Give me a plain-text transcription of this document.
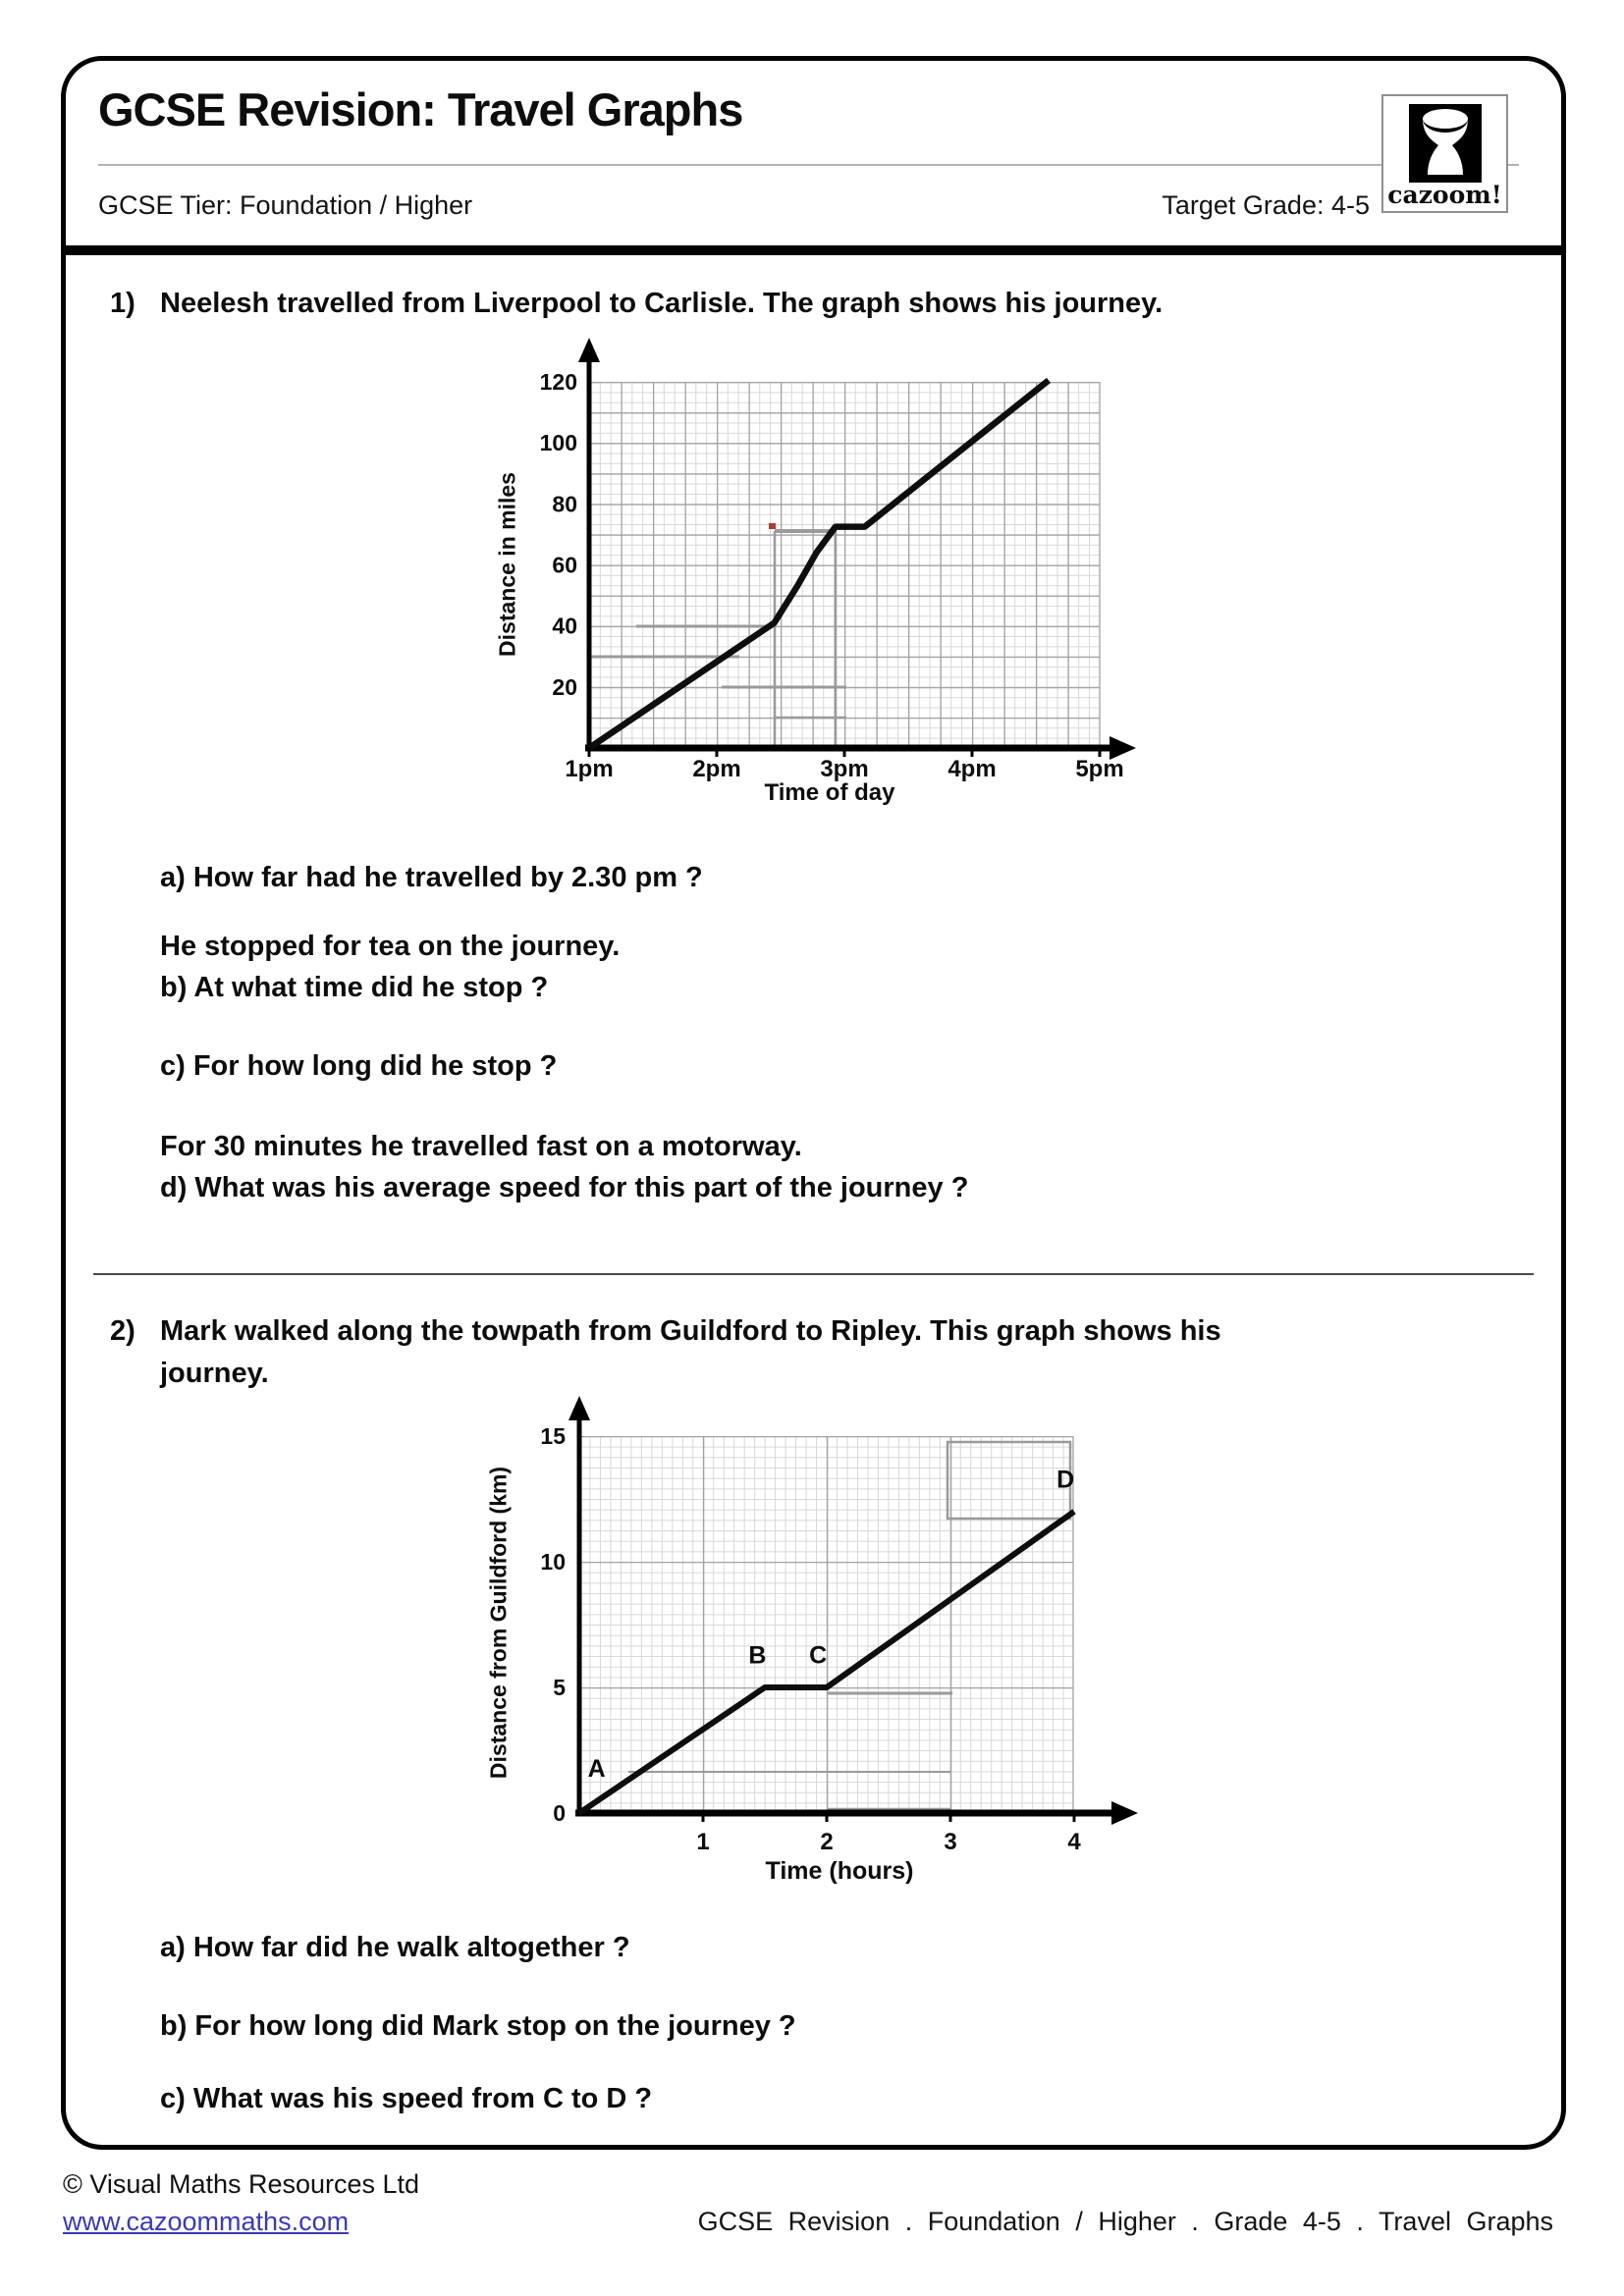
GCSE Revision: Travel Graphs
GCSE Tier: Foundation / Higher	Target Grade: 4-5 cazoom!
1) Neelesh travelled from Liverpool to Carlisle. The graph shows his journey.
20
40
60
80
100
120
1pm	2pm	3pm	4pm	5pm
0
5
10
15
1	2	3	4
A
B C
D
Distance in miles
Time of day
Distance from Guildford (km)
Time (hours)
a) How far had he travelled by 2.30 pm ?
He stopped for tea on the journey.
b) At what time did he stop ?
c) For how long did he stop ?
For 30 minutes he travelled fast on a motorway.
d) What was his average speed for this part of the journey ?
2) Mark walked along the towpath from Guildford to Ripley. This graph shows his
journey.
a) How far did he walk altogether ?
b) For how long did Mark stop on the journey ?
c) What was his speed from C to D ?
© Visual Maths Resources Ltd
www.cazoommaths.com	GCSE Revision . Foundation / Higher . Grade 4-5 . Travel Graphs
